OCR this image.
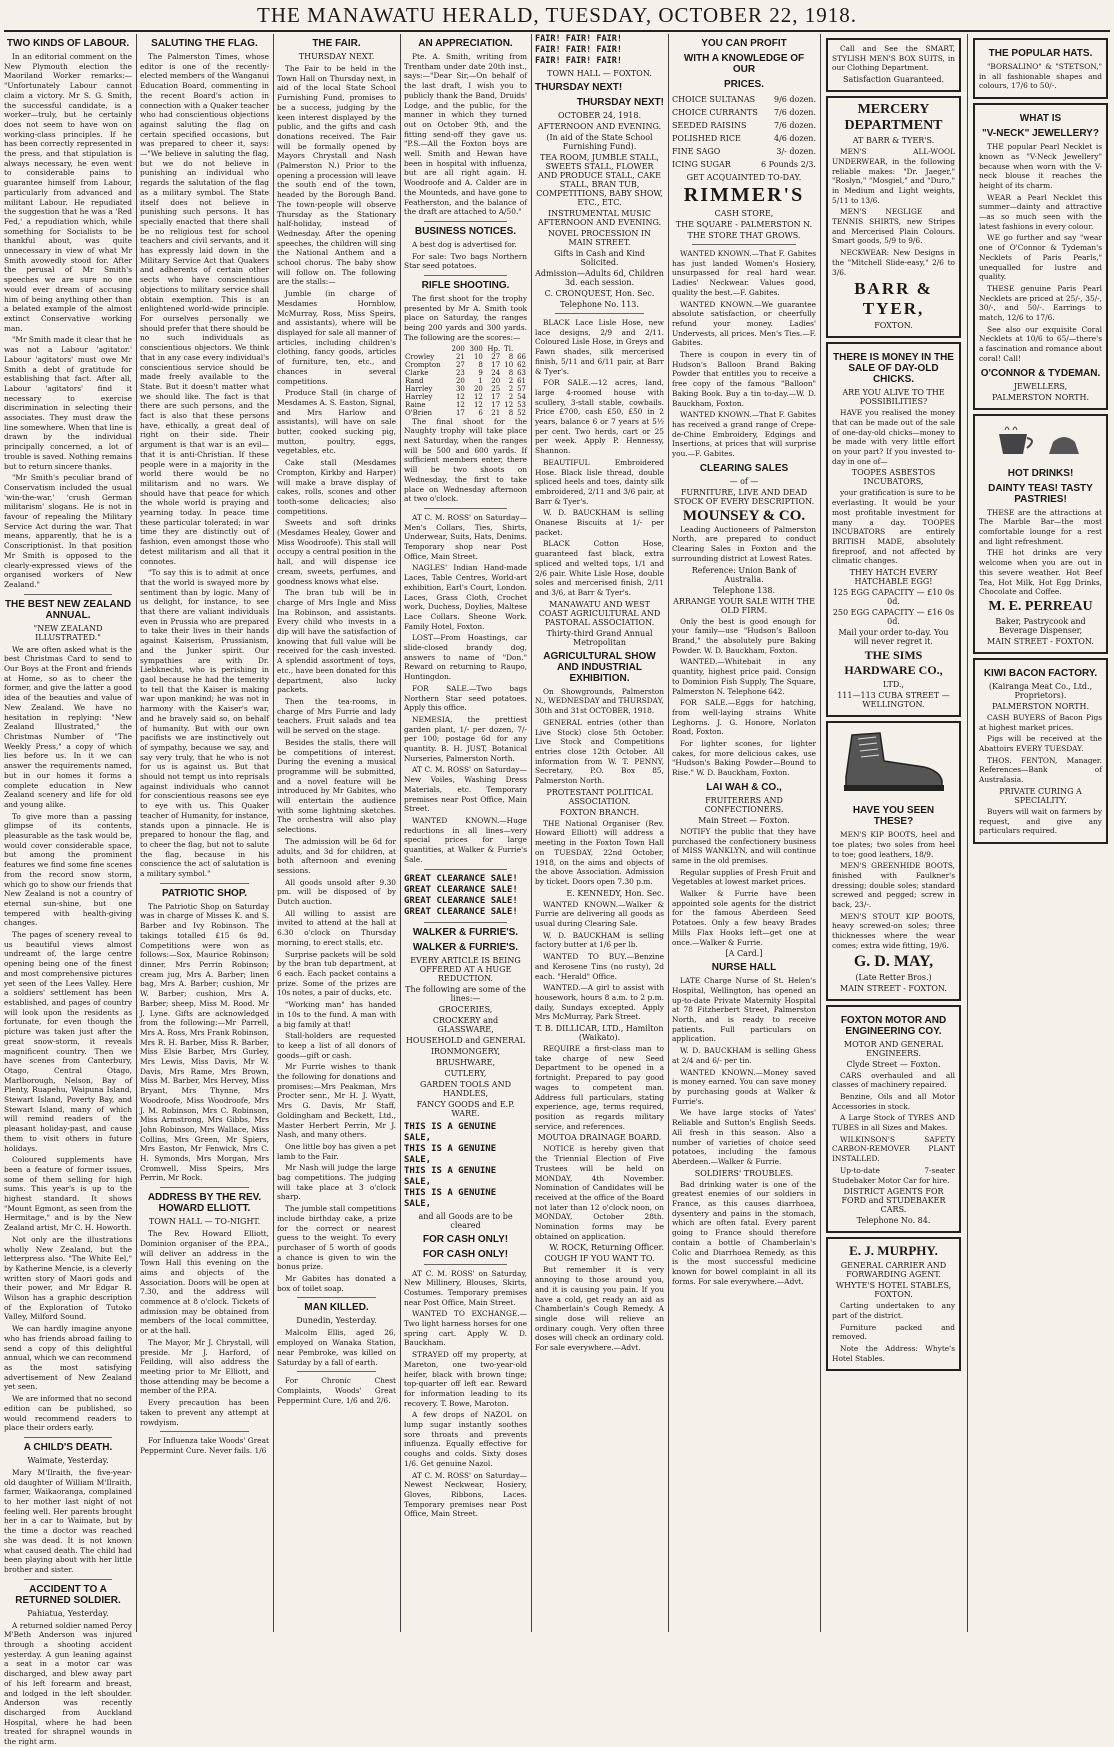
THE MANAWATU HERALD, TUESDAY, OCTOBER 22, 1918.
TWO KINDS OF LABOUR.

In an editorial comment on the New Plymouth election the Maoriland Worker remarks:— "Unfortunately Labour cannot claim a victory. Mr S. G. Smith, the successful candidate, is a worker—truly, but he certainly does not seem to have won on working-class principles. If he has been correctly represented in the press, and that stipulation is always necessary, he even went to considerable pains to guarantee himself from Labour, particularly from advanced and militant Labour. He repudiated the suggestion that he was a 'Red Fed,' a repudiation which, while something for Socialists to be thankful about, was quite unnecessary in view of what Mr Smith avowedly stood for. After the perusal of Mr Smith's speeches we are sure no one would ever dream of accusing him of being anything other than a belated example of the almost extinct Conservative working man.

"Mr Smith made it clear that he was not a Labour 'agitator.' Labour 'agitators' must owe Mr Smith a debt of gratitude for establishing that fact. After all, Labour 'agitators' find it necessary to exercise discrimination in selecting their associates. They must draw the line somewhere. When that line is drawn by the individual principally concerned, a lot of trouble is saved. Nothing remains but to return sincere thanks.

"Mr Smith's peculiar brand of Conservatism included the usual 'win-the-war,' 'crush German militarism' slogans. He is not in favour of repealing the Military Service Act during the war. That means, apparently, that he is a Conscriptionist. In that position Mr Smith is opposed to the clearly-expressed views of the organised workers of New Zealand."

THE BEST NEW ZEALAND ANNUAL.
"NEW ZEALAND ILLUSTRATED."

We are often asked what is the best Christmas Card to send to Our Boys at the Front and friends at Home, so as to cheer the former, and give the latter a good idea of the beauties and value of New Zealand. We have no hesitation in replying: "New Zealand Illustrated," the Christmas Number of "The Weekly Press," a copy of which lies before us. In it we can answer the requirements named, but in our homes it forms a complete education in New Zealand scenery and life for old and young alike.

To give more than a passing glimpse of its contents, pleasurable as the task would be, would cover considerable space, but among the prominent features we find some fine scenes from the record snow storm, which go to show our friends that New Zealand is not a country of eternal sun-shine, but one tempered with health-giving changes.

The pages of scenery reveal to us beautiful views almost undreamt of, the large centre opening being one of the finest and most comprehensive pictures yet seen of the Lees Valley. Here a soldiers' settlement has been established, and pages of country will look upon the residents as fortunate, for even though the picture was taken just after the great snow-storm, it reveals magnificent country. Then we have scenes from Canterbury, Otago, Central Otago, Marlborough, Nelson, Bay of Plenty, Ruapehu, Waipuna Island, Stewart Island, Poverty Bay, and Stewart Island, many of which will remind readers of the pleasant holiday-past, and cause them to visit others in future holidays.

Coloured supplements have been a feature of former issues, some of them selling for high sums. This year's is up to the highest standard. It shows "Mount Egmont, as seen from the Hermitage," and is by the New Zealand artist, Mr C. H. Howorth.

Not only are the illustrations wholly New Zealand, but the letterpress also. "The White Eel," by Katherine Mencie, is a cleverly written story of Maori gods and their power, and Mr Edgar R. Wilson has a graphic description of the Exploration of Tutoko Valley, Milford Sound.

We can hardly imagine anyone who has friends abroad failing to send a copy of this delightful annual, which we can recommend as the most satisfying advertisement of New Zealand yet seen.

We are informed that no second edition can be published, so would recommend readers to place their orders early.

A CHILD'S DEATH.
Waimate, Yesterday.

Mary M'Ilraith, the five-year-old daughter of William M'Ilraith, farmer, Waikaoranga, complained to her mother last night of not feeling well. Her parents brought her in a car to Waimate, but by the time a doctor was reached she was dead. It is not known what caused death. The child had been playing about with her little brother and sister.

ACCIDENT TO A RETURNED SOLDIER.
Pahiatua, Yesterday.

A returned soldier named Percy M'Beth Anderson was injured through a shooting accident yesterday. A gun leaning against a seat in a motor car was discharged, and blew away part of his left forearm and breast, and lodged in the left shoulder. Anderson was recently discharged from Auckland Hospital, where he had been treated for shrapnel wounds in the right arm.

SALUTING THE FLAG.

The Palmerston Times, whose editor is one of the recently-elected members of the Wanganui Education Board, commenting in the recent Board's action in connection with a Quaker teacher who had conscientious objections against saluting the flag on certain specified occasions, but was prepared to cheer it, says:—"We believe in saluting the flag, but we do not believe in punishing an individual who regards the salutation of the flag as a military symbol. The State itself does not believe in punishing such persons. It has specially enacted that there shall be no religious test for school teachers and civil servants, and it has expressly laid down in the Military Service Act that Quakers and adherents of certain other sects who have conscientious objections to military service shall obtain exemption. This is an enlightened world-wide principle. For ourselves personally we should prefer that there should be no such individuals as conscientious objectors. We think that in any case every individual's conscientious service should be made freely available to the State. But it doesn't matter what we should like. The fact is that there are such persons, and the fact is also that these persons have, ethically, a great deal of right on their side. Their argument is that war is an evil—that it is anti-Christian. If these people were in a majority in the world there would be no militarism and no wars. We should have that peace for which the whole world is praying and yearning today. In peace time these particular tolerated; in war time they are distinctly out of fashion, even amongst those who detest militarism and all that it connotes.

"To say this is to admit at once that the world is swayed more by sentiment than by logic. Many of us delight, for instance, to see that there are valiant individuals even in Prussia who are prepared to take their lives in their hands against Kaiserism, Prussianism, and the Junker spirit. Our sympathies are with Dr. Liebknecht, who is perishing in gaol because he had the temerity to tell that the Kaiser is making war upon mankind; he was not in harmony with the Kaiser's war, and he bravely said so, on behalf of humanity. But with our own pacifists we are instinctively out of sympathy, because we say, and say very truly, that he who is not for us is against us. But that should not tempt us into reprisals against individuals who cannot for conscientious reasons see eye to eye with us. This Quaker teacher of Humanity, for instance, stands upon a pinnacle. He is prepared to honour the flag, and to cheer the flag, but not to salute the flag, because in his conscience the act of salutation is a military symbol."

PATRIOTIC SHOP.

The Patriotic Shop on Saturday was in charge of Misses K. and S. Barber and Ivy Robinson. The takings totalled £15 6s 9d. Competitions were won as follows:—Sox, Maurice Robinson; dinner, Mrs Perrin Robinson; cream jug, Mrs A. Barber; linen bag, Mrs A. Barber; cushion, Mr W. Barber; cushion, Mrs A. Barber; sheep, Miss M. Rood. Mr J. Lyne. Gifts are acknowledged from the following:—Mr Parrell, Mrs A. Ross, Mrs Frank Robinson, Mrs R. H. Barber, Miss R. Barber, Miss Elsie Barber, Mrs Gurley, Mrs Lewis, Miss Davis, Mr W. Davis, Mrs Rame, Mrs Brown, Miss M. Barber, Mrs Hervey, Miss Bryant, Mrs Thynne, Mrs Woodroofe, Miss Woodroofe, Mrs J. M. Robinson, Mrs C. Robinson, Miss Armstrong, Mrs Gibbs, Mrs John Robinson, Mrs Wallace, Miss Collins, Mrs Green, Mr Spiers, Mrs Easton, Mr Fenwick, Mrs C. H. Symonds, Mrs Morgan, Mrs Cromwell, Miss Speirs, Mrs Perrin, Mr Rock.

ADDRESS BY THE REV. HOWARD ELLIOTT.
TOWN HALL — TO-NIGHT.

The Rev. Howard Elliott, Dominion organiser of the P.P.A., will deliver an address in the Town Hall this evening on the aims and objects of the Association. Doors will be open at 7.30, and the address will commence at 8 o'clock. Tickets of admission may be obtained from members of the local committee, or at the hall.

The Mayor, Mr J. Chrystall, will preside. Mr J. Harford, of Feilding, will also address the meeting prior to Mr Elliott, and those attending may be become a member of the P.P.A.

Every precaution has been taken to prevent any attempt at rowdyism.

For Influenza take Woods' Great Peppermint Cure. Never fails. 1/6

THE FAIR.
THURSDAY NEXT.

The Fair to be held in the Town Hall on Thursday next, in aid of the local State School Furnishing Fund, promises to be a success, judging by the keen interest displayed by the public, and the gifts and cash donations received. The Fair will be formally opened by Mayors Chrystall and Nash (Palmerston N.) Prior to the opening a procession will leave the south end of the town, headed by the Borough Band. The town-people will observe Thursday as the Stationary half-holiday, instead of Wednesday. After the opening speeches, the children will sing the National Anthem and a school chorus. The baby show will follow on. The following are the stalls:—

Jumble (in charge of Mesdames Hornblow, McMurray, Ross, Miss Speirs, and assistants), where will be displayed for sale all manner of articles, including children's clothing, fancy goods, articles of furniture, ten, etc., and chances in several competitions.

Produce Stall (in charge of Mesdames A. S. Easton, Signal, and Mrs Harlow and assistants), will have on sale butter, cooked sucking pig, mutton, poultry, eggs, vegetables, etc.

Cake stall (Mesdames Crompton, Kirkby and Harper) will make a brave display of cakes, rolls, scones and other tooth-some delicacies; also competitions.

Sweets and soft drinks (Mesdames Healey, Gower and Miss Woodroofe). This stall will occupy a central position in the hall, and will dispense ice cream, sweets, perfumes, and goodness knows what else.

The bran tub will be in charge of Mrs Ingle and Miss Ina Robinson, and assistants. Every child who invests in a dip will have the satisfaction of knowing that full value will be received for the cash invested. A splendid assortment of toys, etc., have been donated for this department, also lucky packets.

Then the tea-rooms, in charge of Mrs Furrie and lady teachers. Fruit salads and tea will be served on the stage.

Besides the stalls, there will be competitions of interest. During the evening a musical programme will be submitted, and a novel feature will be introduced by Mr Gabites, who will entertain the audience with some lightning sketches. The orchestra will also play selections.

The admission will be 6d for adults, and 3d for children, at both afternoon and evening sessions.

All goods unsold after 9.30 pm. will be disposed of by Dutch auction.

All willing to assist are invited to attend at the hall at 6.30 o'clock on Thursday morning, to erect stalls, etc.

Surprise packets will be sold by the bran tub department, at 6 each. Each packet contains a prize. Some of the prizes are 10s notes, a pair of ducks, etc.

"Working man" has handed in 10s to the fund. A man with a big family at that!

Stall-holders are requested to keep a list of all donors of goods—gift or cash.

Mr Furrie wishes to thank the following for donations and promises:—Mrs Peakman, Mrs Procter senr., Mr H. J. Wyatt, Mrs G. Davis, Mr Staff, Goldingham and Beckett, Ltd., Master Herbert Perrin, Mr J. Nash, and many others.

One little boy has given a pet lamb to the Fair.

Mr Nash will judge the large bag competitions. The judging will take place at 3 o'clock sharp.

The jumble stall competitions include birthday cake, a prize for the correct or nearest guess to the weight. To every purchaser of 5 worth of goods a chance is given to win the bonus prize.

Mr Gabites has donated a box of toilet soap.

MAN KILLED.
Dunedin, Yesterday.

Malcolm Ellis, aged 26, employed on Wanaka Station, near Pembroke, was killed on Saturday by a fall of earth.

For Chronic Chest Complaints, Woods' Great Peppermint Cure, 1/6 and 2/6.

AN APPRECIATION.

Pte. A. Smith, writing from Trentham under date 20th inst., says:—"Dear Sir,—On behalf of the last draft, I wish you to publicly thank the Band, Druids' Lodge, and the public, for the manner in which they turned out on October 9th, and the fitting send-off they gave us. "P.S.—All the Foxton boys are well. Smith and Hewan have been in hospital with influenza, but are all right again. H. Woodroofe and A. Calder are in the Mounteds, and have gone to Featherston, and the balance of the draft are attached to A/50."

BUSINESS NOTICES.

A best dog is advertised for.

For sale: Two bags Northern Star seed potatoes.

RIFLE SHOOTING.

The first shoot for the trophy presented by Mr A. Smith took place on Saturday, the ranges being 200 yards and 300 yards. The following are the scores:—

	200	300	Hp.	Tl.	
Crowley	21	10	27	8	66
Crompton	27	8	17	10	62
Clarke	23	9	24	8	63
Rand	20	1	20	2	61
Harrley	30	20	25	2	57
Harrley	12	12	17	2	54
Raine	12	12	17	12	53
O'Brien	17	6	21	8	52

The final shoot for the Naughty trophy will take place next Saturday, when the ranges will be 500 and 600 yards. If sufficient members enter, there will be two shoots on Wednesday, the first to take place on Wednesday afternoon at two o'clock.

AT C. M. ROSS' on Saturday—Men's Collars, Ties, Shirts, Underwear, Suits, Hats, Denims. Temporary shop near Post Office, Main Street.

NAGLES' Indian Hand-made Laces, Table Centres, World-art exhibition, Earl's Court, London. Laces, Grass Cloth, Crochet work, Duchess, Doylies, Maltese Lace Collars. Sheone Work. Family Hotel, Foxton.

LOST—From Hoastings, car slide-closed brandy dog, answers to name of "Don." Reward on returning to Raupo, Huntingdon.

FOR SALE.—Two bags Northern Star seed potatoes. Apply this office.

NEMESIA, the prettiest garden plant, 1/- per dozen, 7/- per 100; postage 6d for any quantity. B. H. JUST, Botanical Nurseries, Palmerston North.

AT C. M. ROSS' on Saturday—New Voiles, Washing Dress Materials, etc. Temporary premises near Post Office, Main Street.

WANTED KNOWN.—Huge reductions in all lines—very special prices for large quantities, at Walker & Furrie's Sale.

GREAT CLEARANCE SALE!
GREAT CLEARANCE SALE!
GREAT CLEARANCE SALE!
GREAT CLEARANCE SALE!
WALKER & FURRIE'S.
WALKER & FURRIE'S.
EVERY ARTICLE IS BEING OFFERED AT A HUGE REDUCTION.
The following are some of the lines:—
GROCERIES,
CROCKERY and GLASSWARE,
HOUSEHOLD and GENERAL
IRONMONGERY,
BRUSHWARE,
CUTLERY,
GARDEN TOOLS AND HANDLES,
FANCY GOODS and E.P. WARE.
THIS IS A GENUINE SALE,
THIS IS A GENUINE SALE,
THIS IS A GENUINE SALE,
THIS IS A GENUINE SALE,
and all Goods are to be cleared
FOR CASH ONLY!
FOR CASH ONLY!

AT C. M. ROSS' on Saturday, New Millinery, Blouses, Skirts, Costumes. Temporary premises near Post Office, Main Street.

WANTED TO EXCHANGE.—Two light harness horses for one spring cart. Apply W. D. Bauckham.

STRAYED off my property, at Mareton, one two-year-old heifer, black with brown tinge; top-quarter off left ear. Reward for information leading to its recovery. T. Bowe, Maroton.

A few drops of NAZOL on lump sugar instantly soothes sore throats and prevents influenza. Equally effective for coughs and colds. Sixty doses 1/6. Get genuine Nazol.

AT C. M. ROSS' on Saturday—Newest Neckwear, Hosiery, Gloves, Ribbons, Laces. Temporary premises near Post Office, Main Street.

FAIR! FAIR! FAIR!
FAIR! FAIR! FAIR!
FAIR! FAIR! FAIR!
TOWN HALL — FOXTON.
THURSDAY NEXT!
THURSDAY NEXT!
OCTOBER 24, 1918.
AFTERNOON AND EVENING.
(In aid of the State School Furnishing Fund).
TEA ROOM, JUMBLE STALL, SWEETS STALL, FLOWER AND PRODUCE STALL, CAKE STALL, BRAN TUB, COMPETITIONS, BABY SHOW, ETC., ETC.
INSTRUMENTAL MUSIC AFTERNOON AND EVENING.
NOVEL PROCESSION IN MAIN STREET.
Gifts in Cash and Kind Solicited.
Admission—Adults 6d, Children 3d. each session.
C. CRONQUEST, Hon. Sec.
Telephone No. 113.

BLACK Lace Lisle Hose, new lace designs, 2/9 and 2/11. Coloured Lisle Hose, in Greys and Fawn shades, silk mercerised finish, 5/11 and 6/11 pair, at Barr & Tyer's.

FOR SALE.—12 acres, land, large 4-roomed house with scullery, 3-stall stable, cowbails. Price £700, cash £50, £50 in 2 years, balance 6 or 7 years at 5½ per cent. Two herds, cart or 25 per week. Apply P. Hennessy, Shannon.

BEAUTIFUL Embroidered Hose. Black lisle thread, double spliced heels and toes, dainty silk embroidered, 2/11 and 3/6 pair, at Barr & Tyer's.

W. D. BAUCKHAM is selling Onanese Biscuits at 1/- per packet.

BLACK Cotton Hose, guaranteed fast black, extra spliced and welted tops, 1/1 and 2/6 pair. White Lisle Hose, double soles and mercerised finish, 2/11 and 3/6, at Barr & Tyer's.

MANAWATU AND WEST COAST AGRICULTURAL AND PASTORAL ASSOCIATION.
Thirty-third Grand Annual Metropolitan
AGRICULTURAL SHOW AND INDUSTRIAL EXHIBITION.

On Showgrounds, Palmerston N., WEDNESDAY and THURSDAY, 30th and 31st OCTOBER, 1918.

GENERAL entries (other than Live Stock) close 5th October. Live Stock and Competitions entries close 12th October. All information from W. T. PENNY, Secretary, P.O. Box 85, Palmerston North.

PROTESTANT POLITICAL ASSOCIATION.
FOXTON BRANCH.

THE National Organiser (Rev. Howard Elliott) will address a meeting in the Foxton Town Hall on TUESDAY, 22nd October, 1918, on the aims and objects of the above Association. Admission by ticket. Doors open 7.30 p.m.

E. KENNEDY, Hon. Sec.

WANTED KNOWN.—Walker & Furrie are delivering all goods as usual during Clearing Sale.

W. D. BAUCKHAM is selling factory butter at 1/6 per lb.

WANTED TO BUY.—Benzine and Kerosene Tins (no rusty), 2d each. "Herald" Office.

WANTED.—A girl to assist with housework, hours 8 a.m. to 2 p.m. daily, Sundays excepted. Apply Mrs McMurray, Park Street.

T. B. DILLICAR, LTD., Hamilton (Waikato).

REQUIRE a first-class man to take charge of new Seed Department to be opened in a fortnight. Prepared to pay good wages to competent man. Address full particulars, stating experience, age, terms required, position as regards military service, and references.

MOUTOA DRAINAGE BOARD.

NOTICE is hereby given that the Triennial Election of Five Trustees will be held on MONDAY, 4th November. Nomination of Candidates will be received at the office of the Board not later than 12 o'clock noon, on MONDAY, October 28th. Nomination forms may be obtained on application.

W. ROCK, Returning Officer.
COUGH IF YOU WANT TO.

But remember it is very annoying to those around you, and it is causing you pain. If you have a cold, get ready an aid as Chamberlain's Cough Remedy. A single dose will relieve an ordinary cough. Very often three doses will check an ordinary cold. For sale everywhere.—Advt.

YOU CAN PROFIT
WITH A KNOWLEDGE OF OUR
PRICES.
CHOICE SULTANAS	9/6 dozen.
CHOICE CURRANTS	7/6 dozen.
SEEDED RAISINS	7/6 dozen.
POLISHED RICE	4/6 dozen.
FINE SAGO	3/- dozen.
ICING SUGAR	6 Pounds 2/3.
GET ACQUAINTED TO-DAY.
RIMMER'S
CASH STORE,
THE SQUARE - PALMERSTON N.
THE STORE THAT GROWS.

WANTED KNOWN.—That F. Gabites has just landed Women's Hosiery, unsurpassed for real hard wear. Ladies' Neckwear. Values good, quality the best.—F. Gabites.

WANTED KNOWN.—We guarantee absolute satisfaction, or cheerfully refund your money. Ladies' Undervests, all prices. Men's Ties.—F. Gabites.

There is coupon in every tin of Hudson's Balloon Brand Baking Powder that entitles you to receive a free copy of the famous "Balloon" Baking Book. Buy a tin to-day.—W. D. Bauckham, Foxton.

WANTED KNOWN.—That F. Gabites has received a grand range of Crepe-de-Chine Embroidery, Edgings and Insertions, at prices that will surprise you.—F. Gabites.

CLEARING SALES
— of —
FURNITURE, LIVE AND DEAD STOCK OF EVERY DESCRIPTION.
MOUNSEY & CO.

Leading Auctioneers of Palmerston North, are prepared to conduct Clearing Sales in Foxton and the surrounding district at Lowest Rates.

Reference: Union Bank of Australia.
Telephone 138.
ARRANGE YOUR SALE WITH THE OLD FIRM.

Only the best is good enough for your family—use "Hudson's Balloon Brand," the absolutely pure Baking Powder. W. D. Bauckham, Foxton.

WANTED.—Whitebait in any quantity, highest price paid. Consign to Dominion Fish Supply, The Square, Palmerston N. Telephone 642.

FOR SALE.—Eggs for hatching, from well-laying strains White Leghorns. J. G. Honore, Norlaton Road, Foxton.

For lighter scones, for lighter cakes, for more delicious cakes, use "Hudson's Baking Powder—Bound to Rise." W. D. Bauckham, Foxton.

LAI WAH & CO.,
FRUITERERS AND CONFECTIONERS.
Main Street — Foxton.

NOTIFY the public that they have purchased the confectionery business of MISS WANKLYN, and will continue same in the old premises.

Regular supplies of Fresh Fruit and Vegetables at lowest market prices.

Walker & Furrie have been appointed sole agents for the district for the famous Aberdeen Seed Potatoes. Only a few heavy Brades Mills Flax Hooks left—get one at once.—Walker & Furrie.

[A Card.]
NURSE HALL

LATE Charge Nurse of St. Helen's Hospital, Wellington, has opened an up-to-date Private Maternity Hospital at 78 Fitzherbert Street, Palmerston North, and is ready to receive patients. Full particulars on application.

W. D. BAUCKHAM is selling Ghess at 2/4 and 6/- per tin.

WANTED KNOWN.—Money saved is money earned. You can save money by purchasing goods at Walker & Furrie's.

We have large stocks of Yates' Reliable and Sutton's English Seeds. All fresh in this season. Also a number of varieties of choice seed potatoes, including the famous Aberdeen.—Walker & Furrie.

SOLDIERS' TROUBLES.

Bad drinking water is one of the greatest enemies of our soldiers in France, as this causes diarrhoea, dysentery and pains in the stomach, which are often fatal. Every parent going to France should therefore contain a bottle of Chamberlain's Colic and Diarrhoea Remedy, as this is the most successful medicine known for bowel complaint in all its forms. For sale everywhere.—Advt.

Call and See the SMART, STYLISH MEN'S BOX SUITS, in our Clothing Department.

Satisfaction Guaranteed.
MERCERY DEPARTMENT
AT BARR & TYER'S.

MEN'S ALL-WOOL UNDERWEAR, in the following reliable makes: "Dr. Jaeger," "Roslyn," "Mosgiel," and "Duro," in Medium and Light weights, 5/11 to 13/6.

MEN'S NEGLIGE and TENNIS SHIRTS, new Stripes and Mercerised Plain Colours. Smart goods, 5/9 to 9/6.

NECKWEAR: New Designs in the "Mitchell Slide-easy," 2/6 to 3/6.

BARR & TYER,
FOXTON.
THERE IS MONEY IN THE SALE OF DAY-OLD CHICKS.
ARE YOU ALIVE TO THE POSSIBILITIES?

HAVE you realised the money that can be made out of the sale of one-day-old chicks—money to be made with very little effort on your part? If you invested to-day in one of—

TOOPES ASBESTOS INCUBATORS,

your gratification is sure to be everlasting. It would be your most profitable investment for many a day. TOOPES INCUBATORS are entirely BRITISH MADE, absolutely fireproof, and not affected by climatic changes.

THEY HATCH EVERY HATCHABLE EGG!
125 EGG CAPACITY — £10 0s 0d.
250 EGG CAPACITY — £16 0s 0d.
Mail your order to-day. You will never regret it.
THE SIMS HARDWARE CO.,
LTD.,
111—113 CUBA STREET — WELLINGTON.
HAVE YOU SEEN THESE?

MEN'S KIP BOOTS, heel and toe plates; two soles from heel to toe; good leathers, 18/9.

MEN'S GREENHIDE BOOTS, finished with Faulkner's dressing; double soles; standard screwed and pegged; screw in back, 23/-.

MEN'S STOUT KIP BOOTS, heavy screwed-on soles; three thicknesses where the wear comes; extra wide fitting, 19/6.

G. D. MAY,
(Late Retter Bros.)
MAIN STREET - FOXTON.
FOXTON MOTOR AND ENGINEERING COY.
MOTOR AND GENERAL ENGINEERS.
Clyde Street — Foxton.

CARS overhauled and all classes of machinery repaired.

Benzine, Oils and all Motor Accessories in stock.

A Large Stock of TYRES AND TUBES in all Sizes and Makes.

WILKINSON'S SAFETY CARBON-REMOVER PLANT INSTALLED.

Up-to-date 7-seater Studebaker Motor Car for hire.

DISTRICT AGENTS FOR FORD and STUDEBAKER CARS.
Telephone No. 84.
E. J. MURPHY.
GENERAL CARRIER AND FORWARDING AGENT.
WHYTE'S HOTEL STABLES, FOXTON.

Carting undertaken to any part of the district.

Furniture packed and removed.

Note the Address: Whyte's Hotel Stables.

THE POPULAR HATS.

"BORSALINO" & "STETSON," in all fashionable shapes and colours, 17/6 to 50/-.

WHAT IS
"V-NECK" JEWELLERY?

THE popular Pearl Necklet is known as "V-Neck Jewellery" because when worn with the V-neck blouse it reaches the height of its charm.

WEAR a Pearl Necklet this summer—dainty and attractive—as so much seen with the latest fashions in every colour.

WE go further and say "wear one of O'Connor & Tydeman's Necklets of Paris Pearls," unequalled for lustre and quality.

THESE genuine Paris Pearl Necklets are priced at 25/-, 35/-, 30/-, and 50/-. Earrings to match, 12/6 to 17/6.

See also our exquisite Coral Necklets at 10/6 to 65/—there's a fascination and romance about coral! Call!

O'CONNOR & TYDEMAN.
JEWELLERS,
PALMERSTON NORTH.
HOT DRINKS!
DAINTY TEAS! TASTY PASTRIES!

THESE are the attractions at The Marble Bar—the most comfortable lounge for a rest and light refreshment.

THE hot drinks are very welcome when you are out in this severe weather. Hot Beef Tea, Hot Milk, Hot Egg Drinks, Chocolate and Coffee.

M. E. PERREAU
Baker, Pastrycook and Beverage Dispenser,
MAIN STREET - FOXTON.
KIWI BACON FACTORY.
(Kairanga Meat Co., Ltd., Proprietors).
PALMERSTON NORTH.

CASH BUYERS of Bacon Pigs at highest market prices.

Pigs will be received at the Abattoirs EVERY TUESDAY.

THOS. FENTON, Manager. References—Bank of Australasia.

PRIVATE CURING A SPECIALITY.

Buyers will wait on farmers by request, and give any particulars required.
